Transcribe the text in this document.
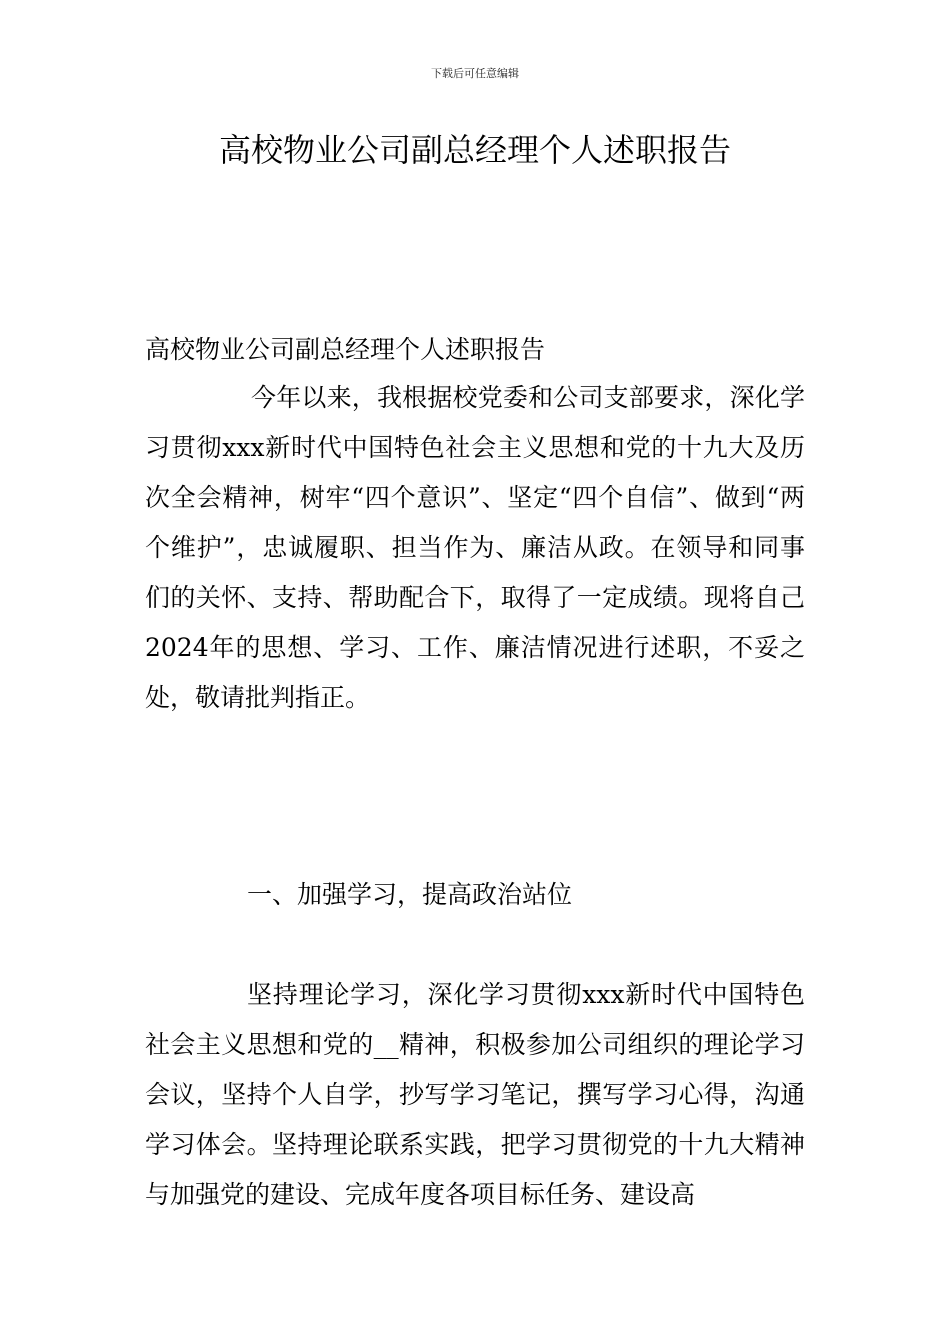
下载后可任意编辑
高校物业公司副总经理个人述职报告

高校物业公司副总经理个人述职报告

今年以来，我根据校党委和公司支部要求，深化学习贯彻xxx新时代中国特色社会主义思想和党的十九大及历次全会精神，树牢“四个意识”、坚定“四个自信”、做到“两个维护”，忠诚履职、担当作为、廉洁从政。在领导和同事们的关怀、支持、帮助配合下，取得了一定成绩。现将自己2024年的思想、学习、工作、廉洁情况进行述职，不妥之处，敬请批判指正。

一、加强学习，提高政治站位

坚持理论学习，深化学习贯彻xxx新时代中国特色社会主义思想和党的__精神，积极参加公司组织的理论学习会议，坚持个人自学，抄写学习笔记，撰写学习心得，沟通学习体会。坚持理论联系实践，把学习贯彻党的十九大精神与加强党的建设、完成年度各项目标任务、建设高
